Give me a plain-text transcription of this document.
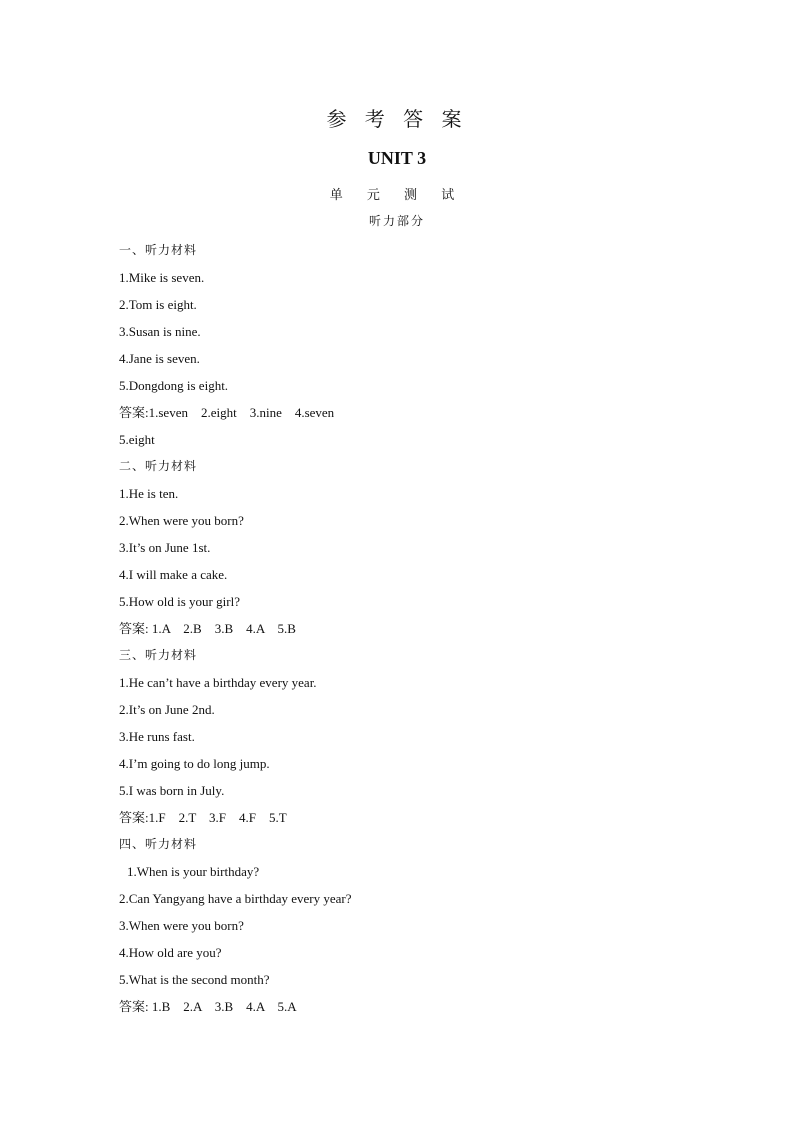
参 考 答 案
UNIT 3
单 元 测 试
听力部分
一、听力材料
1.Mike is seven.
2.Tom is eight.
3.Susan is nine.
4.Jane is seven.
5.Dongdong is eight.
答案:1.seven    2.eight    3.nine    4.seven
5.eight
二、听力材料
1.He is ten.
2.When were you born?
3.It’s on June 1st.
4.I will make a cake.
5.How old is your girl?
答案: 1.A    2.B    3.B    4.A    5.B
三、听力材料
1.He can’t have a birthday every year.
2.It’s on June 2nd.
3.He runs fast.
4.I’m going to do long jump.
5.I was born in July.
答案:1.F    2.T    3.F    4.F    5.T
四、听力材料
1.When is your birthday?
2.Can Yangyang have a birthday every year?
3.When were you born?
4.How old are you?
5.What is the second month?
答案: 1.B    2.A    3.B    4.A    5.A
